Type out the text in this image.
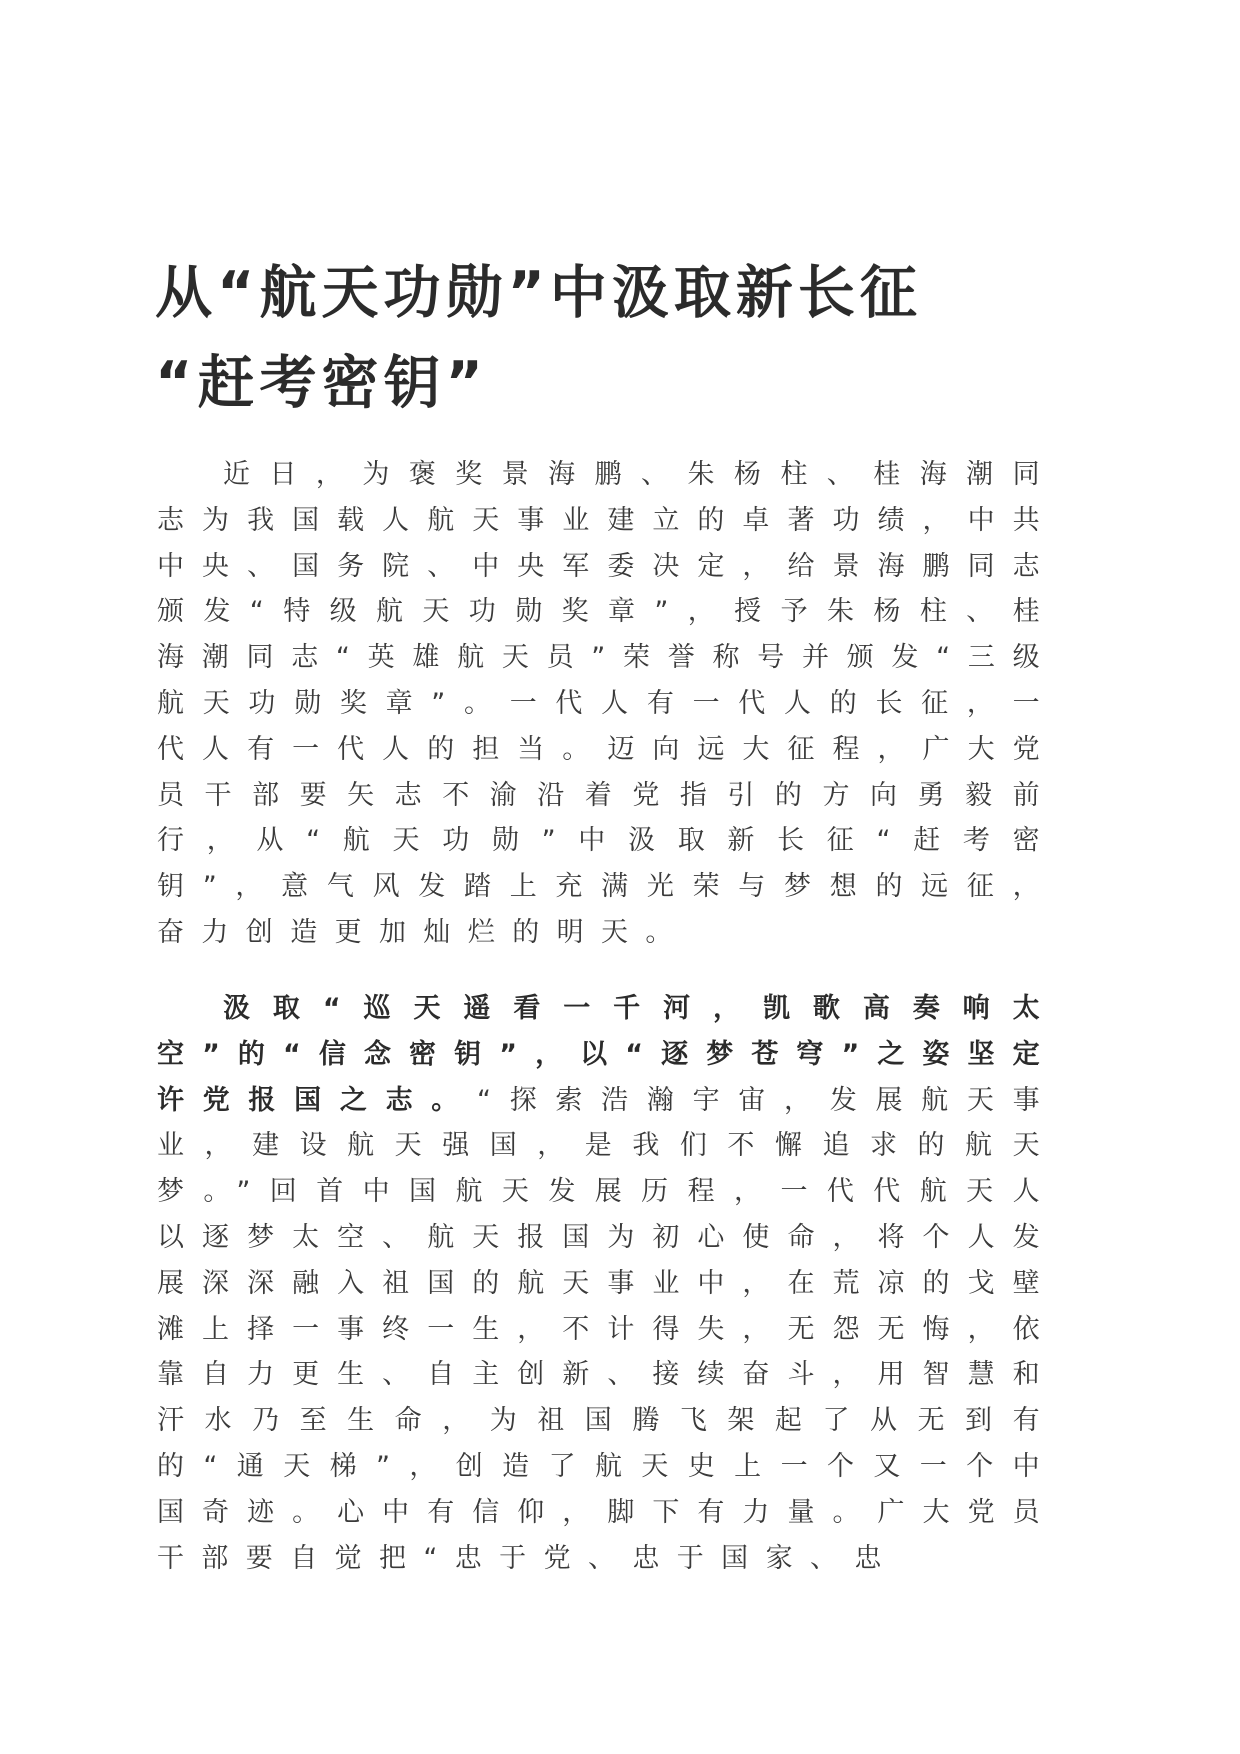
从“航天功勋”中汲取新长征
“赶考密钥”

近日，为褒奖景海鹏、朱杨柱、桂海潮同志为我国载人航天事业建立的卓著功绩，中共中央、国务院、中央军委决定，给景海鹏同志颁发“特级航天功勋奖章”，授予朱杨柱、桂海潮同志“英雄航天员”荣誉称号并颁发“三级航天功勋奖章”。一代人有一代人的长征，一代人有一代人的担当。迈向远大征程，广大党员干部要矢志不渝沿着党指引的方向勇毅前行，从“航天功勋”中汲取新长征“赶考密钥”，意气风发踏上充满光荣与梦想的远征，奋力创造更加灿烂的明天。

汲取“巡天遥看一千河，凯歌高奏响太空”的“信念密钥”，以“逐梦苍穹”之姿坚定许党报国之志。“探索浩瀚宇宙，发展航天事业，建设航天强国，是我们不懈追求的航天梦。”回首中国航天发展历程，一代代航天人以逐梦太空、航天报国为初心使命，将个人发展深深融入祖国的航天事业中，在荒凉的戈壁滩上择一事终一生，不计得失，无怨无悔，依靠自力更生、自主创新、接续奋斗，用智慧和汗水乃至生命，为祖国腾飞架起了从无到有的“通天梯”，创造了航天史上一个又一个中国奇迹。心中有信仰，脚下有力量。广大党员干部要自觉把“忠于党、忠于国家、忠
